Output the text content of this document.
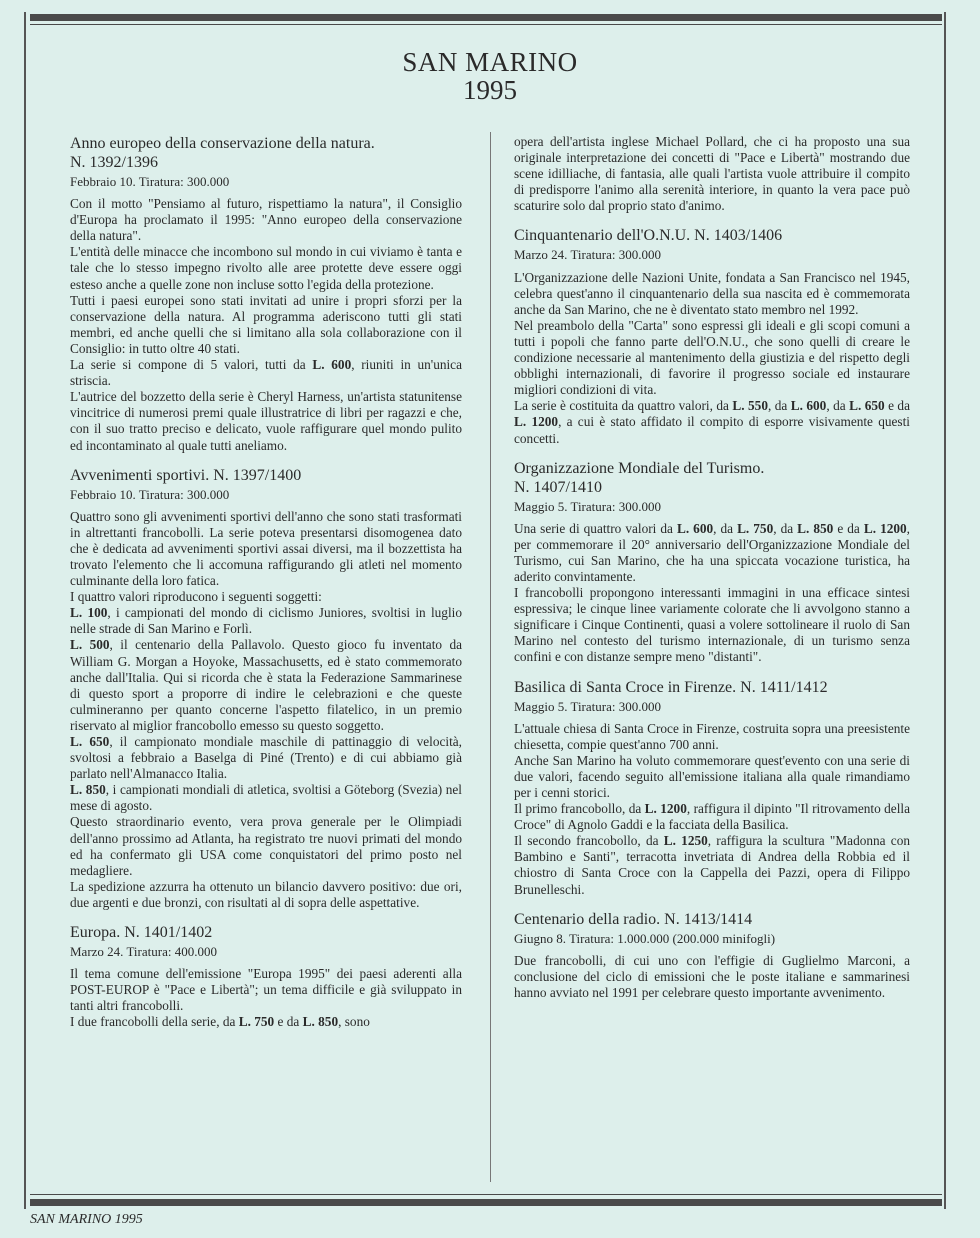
SAN MARINO
1995
Anno europeo della conservazione della natura.
N. 1392/1396
Febbraio 10. Tiratura: 300.000

Con il motto "Pensiamo al futuro, rispettiamo la natura", il Consiglio d'Europa ha proclamato il 1995: "Anno europeo della conservazione della natura".

L'entità delle minacce che incombono sul mondo in cui viviamo è tanta e tale che lo stesso impegno rivolto alle aree protette deve essere oggi esteso anche a quelle zone non incluse sotto l'egida della protezione.

Tutti i paesi europei sono stati invitati ad unire i propri sforzi per la conservazione della natura. Al programma aderiscono tutti gli stati membri, ed anche quelli che si limitano alla sola collaborazione con il Consiglio: in tutto oltre 40 stati.

La serie si compone di 5 valori, tutti da L. 600, riuniti in un'unica striscia.

L'autrice del bozzetto della serie è Cheryl Harness, un'artista statunitense vincitrice di numerosi premi quale illustratrice di libri per ragazzi e che, con il suo tratto preciso e delicato, vuole raffigurare quel mondo pulito ed incontaminato al quale tutti aneliamo.

Avvenimenti sportivi. N. 1397/1400
Febbraio 10. Tiratura: 300.000

Quattro sono gli avvenimenti sportivi dell'anno che sono stati trasformati in altrettanti francobolli. La serie poteva presentarsi disomogenea dato che è dedicata ad avvenimenti sportivi assai diversi, ma il bozzettista ha trovato l'elemento che li accomuna raffigurando gli atleti nel momento culminante della loro fatica.

I quattro valori riproducono i seguenti soggetti:

L. 100, i campionati del mondo di ciclismo Juniores, svoltisi in luglio nelle strade di San Marino e Forlì.

L. 500, il centenario della Pallavolo. Questo gioco fu inventato da William G. Morgan a Hoyoke, Massachusetts, ed è stato commemorato anche dall'Italia. Qui si ricorda che è stata la Federazione Sammarinese di questo sport a proporre di indire le celebrazioni e che queste culmineranno per quanto concerne l'aspetto filatelico, in un premio riservato al miglior francobollo emesso su questo soggetto.

L. 650, il campionato mondiale maschile di pattinaggio di velocità, svoltosi a febbraio a Baselga di Piné (Trento) e di cui abbiamo già parlato nell'Almanacco Italia.

L. 850, i campionati mondiali di atletica, svoltisi a Göteborg (Svezia) nel mese di agosto.

Questo straordinario evento, vera prova generale per le Olimpiadi dell'anno prossimo ad Atlanta, ha registrato tre nuovi primati del mondo ed ha confermato gli USA come conquistatori del primo posto nel medagliere.

La spedizione azzurra ha ottenuto un bilancio davvero positivo: due ori, due argenti e due bronzi, con risultati al di sopra delle aspettative.

Europa. N. 1401/1402
Marzo 24. Tiratura: 400.000

Il tema comune dell'emissione "Europa 1995" dei paesi aderenti alla POST-EUROP è "Pace e Libertà"; un tema difficile e già sviluppato in tanti altri francobolli.

I due francobolli della serie, da L. 750 e da L. 850, sono

opera dell'artista inglese Michael Pollard, che ci ha proposto una sua originale interpretazione dei concetti di "Pace e Libertà" mostrando due scene idilliache, di fantasia, alle quali l'artista vuole attribuire il compito di predisporre l'animo alla serenità interiore, in quanto la vera pace può scaturire solo dal proprio stato d'animo.

Cinquantenario dell'O.N.U. N. 1403/1406
Marzo 24. Tiratura: 300.000

L'Organizzazione delle Nazioni Unite, fondata a San Francisco nel 1945, celebra quest'anno il cinquantenario della sua nascita ed è commemorata anche da San Marino, che ne è diventato stato membro nel 1992.

Nel preambolo della "Carta" sono espressi gli ideali e gli scopi comuni a tutti i popoli che fanno parte dell'O.N.U., che sono quelli di creare le condizione necessarie al mantenimento della giustizia e del rispetto degli obblighi internazionali, di favorire il progresso sociale ed instaurare migliori condizioni di vita.

La serie è costituita da quattro valori, da L. 550, da L. 600, da L. 650 e da L. 1200, a cui è stato affidato il compito di esporre visivamente questi concetti.

Organizzazione Mondiale del Turismo.
N. 1407/1410
Maggio 5. Tiratura: 300.000

Una serie di quattro valori da L. 600, da L. 750, da L. 850 e da L. 1200, per commemorare il 20° anniversario dell'Organizzazione Mondiale del Turismo, cui San Marino, che ha una spiccata vocazione turistica, ha aderito convintamente.

I francobolli propongono interessanti immagini in una efficace sintesi espressiva; le cinque linee variamente colorate che li avvolgono stanno a significare i Cinque Continenti, quasi a volere sottolineare il ruolo di San Marino nel contesto del turismo internazionale, di un turismo senza confini e con distanze sempre meno "distanti".

Basilica di Santa Croce in Firenze. N. 1411/1412
Maggio 5. Tiratura: 300.000

L'attuale chiesa di Santa Croce in Firenze, costruita sopra una preesistente chiesetta, compie quest'anno 700 anni.

Anche San Marino ha voluto commemorare quest'evento con una serie di due valori, facendo seguito all'emissione italiana alla quale rimandiamo per i cenni storici.

Il primo francobollo, da L. 1200, raffigura il dipinto "Il ritrovamento della Croce" di Agnolo Gaddi e la facciata della Basilica.

Il secondo francobollo, da L. 1250, raffigura la scultura "Madonna con Bambino e Santi", terracotta invetriata di Andrea della Robbia ed il chiostro di Santa Croce con la Cappella dei Pazzi, opera di Filippo Brunelleschi.

Centenario della radio. N. 1413/1414
Giugno 8. Tiratura: 1.000.000 (200.000 minifogli)

Due francobolli, di cui uno con l'effigie di Guglielmo Marconi, a conclusione del ciclo di emissioni che le poste italiane e sammarinesi hanno avviato nel 1991 per celebrare questo importante avvenimento.

SAN MARINO 1995
